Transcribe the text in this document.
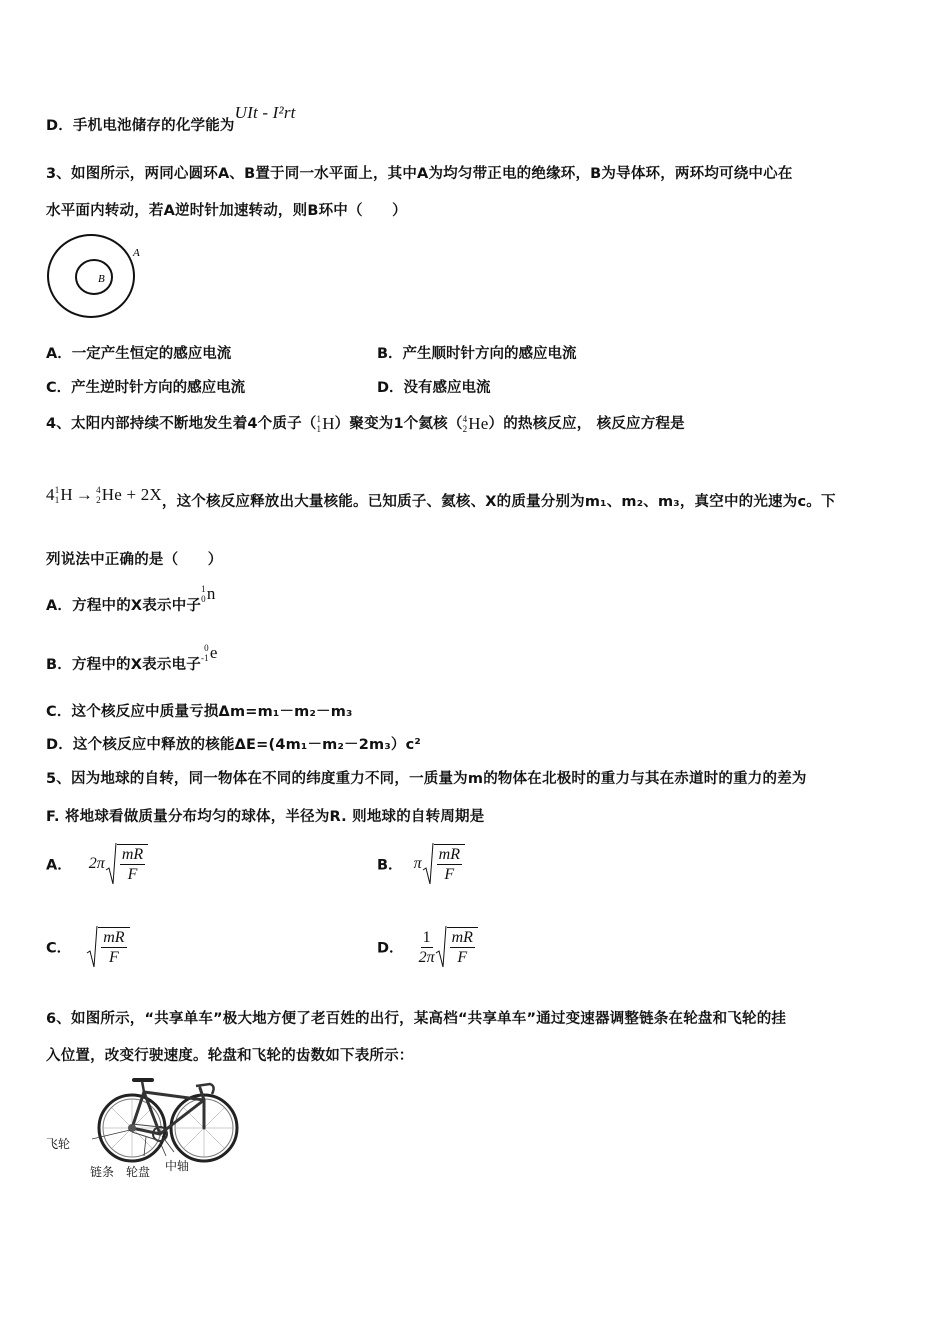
D．手机电池储存的化学能为UIt - I²rt
3、如图所示，两同心圆环A、B置于同一水平面上，其中A为均匀带正电的绝缘环，B为导体环，两环均可绕中心在
水平面内转动，若A逆时针加速转动，则B环中（　　）
A
B
A．一定产生恒定的感应电流	B．产生顺时针方向的感应电流
C．产生逆时针方向的感应电流	D．没有感应电流
4、太阳内部持续不断地发生着4个质子（ 1
1 H）聚变为1个氦核（ 4
2 He）的热核反应， 核反应方程是
4 1
1 H → 4
2 He + 2X，这个核反应释放出大量核能。已知质子、氦核、X的质量分别为m₁、m₂、m₃，真空中的光速为c。下
列说法中正确的是（　　）
A．方程中的X表示中子
1
0 n
B．方程中的X表示电子
0
-1 e
C．这个核反应中质量亏损Δm=m₁－m₂－m₃
D．这个核反应中释放的核能ΔE=(4m₁－m₂－2m₃）c²
5、因为地球的自转，同一物体在不同的纬度重力不同，一质量为m的物体在北极时的重力与其在赤道时的重力的差为
F. 将地球看做质量分布均匀的球体，半径为R. 则地球的自转周期是
A． $2\pi \frac{mR}{F}$	B． π $\frac{mR}{F}$
C． $\frac{mR}{F}$	D． $\frac{1}{2\pi} \frac{mR}{F}$
6、如图所示，“共享单车”极大地方便了老百姓的出行，某高档“共享单车”通过变速器调整链条在轮盘和飞轮的挂
入位置，改变行驶速度。轮盘和飞轮的齿数如下表所示：
飞轮
链条 轮盘 中轴
